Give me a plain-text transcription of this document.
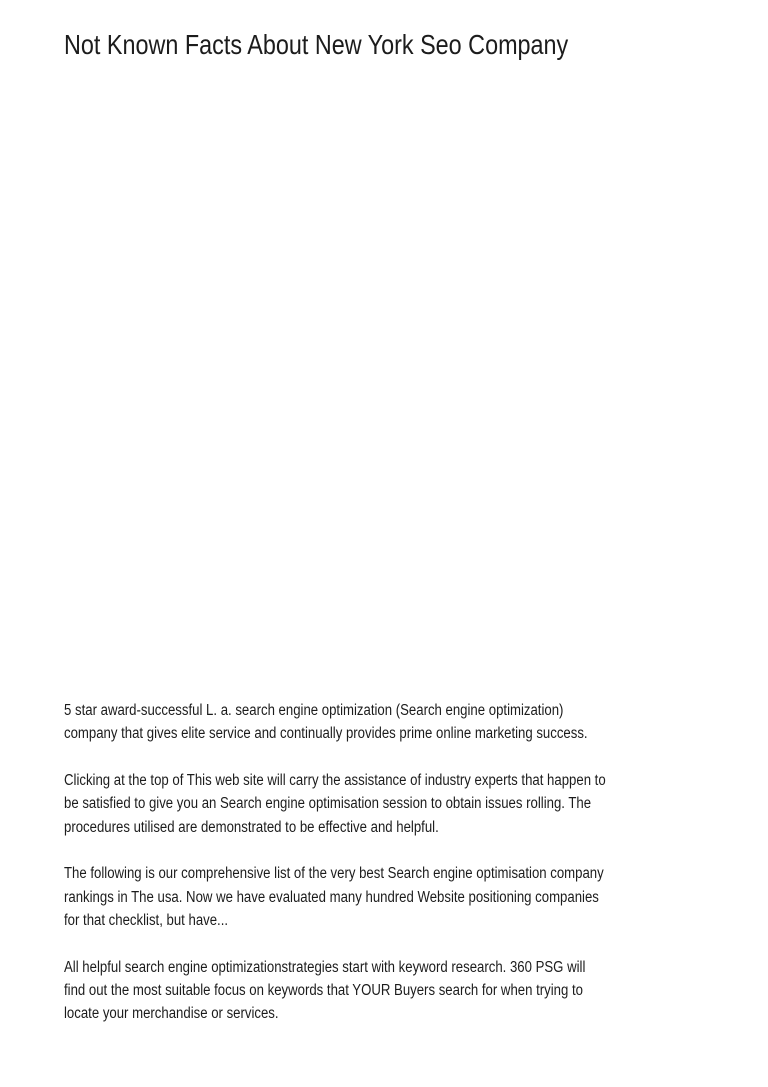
Not Known Facts About New York Seo Company
5 star award-successful L. a. search engine optimization (Search engine optimization)
company that gives elite service and continually provides prime online marketing success.
Clicking at the top of This web site will carry the assistance of industry experts that happen to
be satisfied to give you an Search engine optimisation session to obtain issues rolling. The
procedures utilised are demonstrated to be effective and helpful.
The following is our comprehensive list of the very best Search engine optimisation company
rankings in The usa. Now we have evaluated many hundred Website positioning companies
for that checklist, but have...
All helpful search engine optimizationstrategies start with keyword research. 360 PSG will
find out the most suitable focus on keywords that YOUR Buyers search for when trying to
locate your merchandise or services.
